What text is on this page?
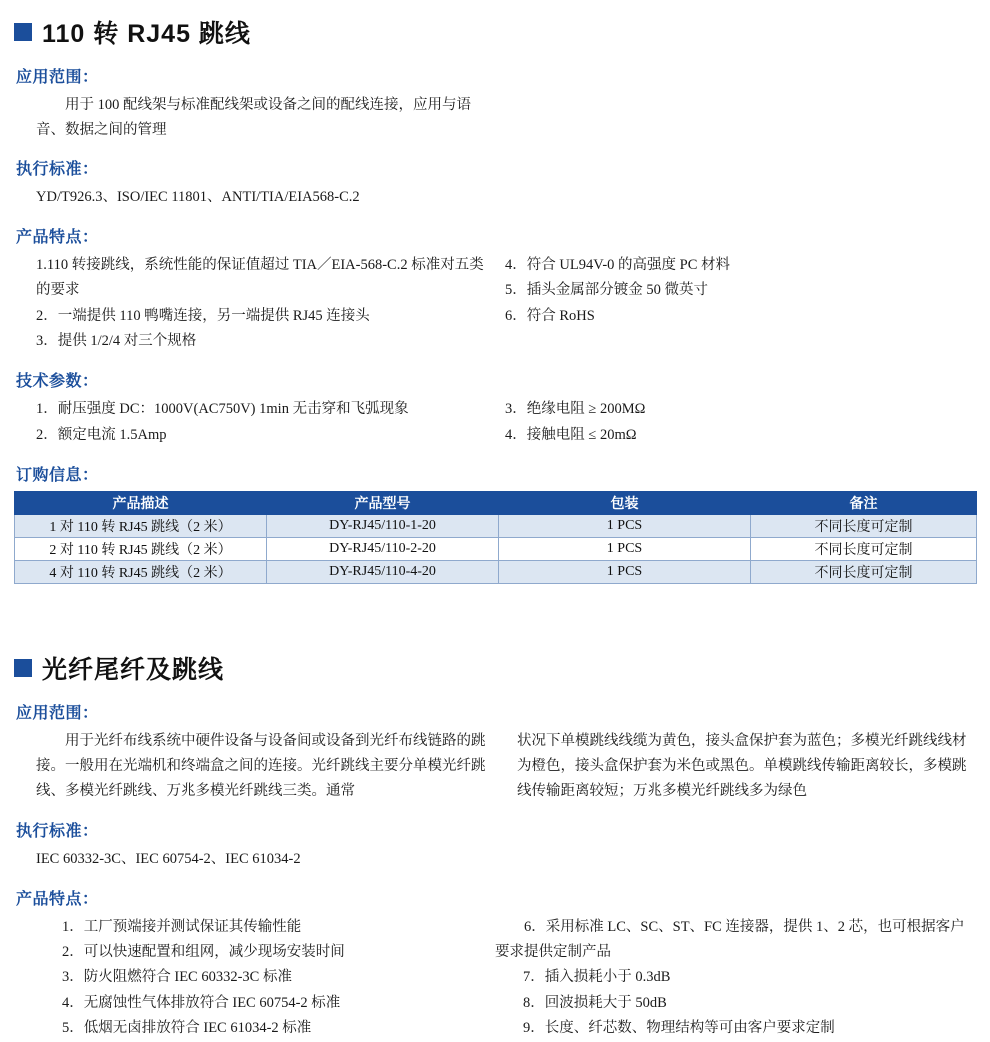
110 转 RJ45 跳线
应用范围：
用于 100 配线架与标准配线架或设备之间的配线连接，应用与语音、数据之间的管理
执行标准：
YD/T926.3、ISO/IEC 11801、ANTI/TIA/EIA568-C.2
产品特点：
1.110 转接跳线，系统性能的保证值超过 TIA／EIA-568-C.2 标准对五类的要求
2．一端提供 110 鸭嘴连接，另一端提供 RJ45 连接头
3．提供 1/2/4 对三个规格
4．符合 UL94V-0 的高强度 PC 材料
5．插头金属部分镀金 50 微英寸
6．符合 RoHS
技术参数：
1．耐压强度 DC：1000V(AC750V) 1min 无击穿和飞弧现象
2．额定电流 1.5Amp
3．绝缘电阻 ≥ 200MΩ
4．接触电阻 ≤ 20mΩ
订购信息：
产品描述	产品型号	包装	备注
1 对 110 转 RJ45 跳线（2 米）	DY-RJ45/110-1-20	1 PCS	不同长度可定制
2 对 110 转 RJ45 跳线（2 米）	DY-RJ45/110-2-20	1 PCS	不同长度可定制
4 对 110 转 RJ45 跳线（2 米）	DY-RJ45/110-4-20	1 PCS	不同长度可定制
光纤尾纤及跳线
应用范围：
用于光纤布线系统中硬件设备与设备间或设备到光纤布线链路的跳接。一般用在光端机和终端盒之间的连接。光纤跳线主要分单模光纤跳线、多模光纤跳线、万兆多模光纤跳线三类。通常
状况下单模跳线线缆为黄色，接头盒保护套为蓝色；多模光纤跳线线材为橙色，接头盒保护套为米色或黑色。单模跳线传输距离较长，多模跳线传输距离较短；万兆多模光纤跳线多为绿色
执行标准：
IEC 60332-3C、IEC 60754-2、IEC 61034-2
产品特点：
1．工厂预端接并测试保证其传输性能
2．可以快速配置和组网，减少现场安装时间
3．防火阻燃符合 IEC 60332-3C 标准
4．无腐蚀性气体排放符合 IEC 60754-2 标准
5．低烟无卤排放符合 IEC 61034-2 标准
6．采用标准 LC、SC、ST、FC 连接器，提供 1、2 芯，也可根据客户要求提供定制产品
7．插入损耗小于 0.3dB
8．回波损耗大于 50dB
9．长度、纤芯数、物理结构等可由客户要求定制
